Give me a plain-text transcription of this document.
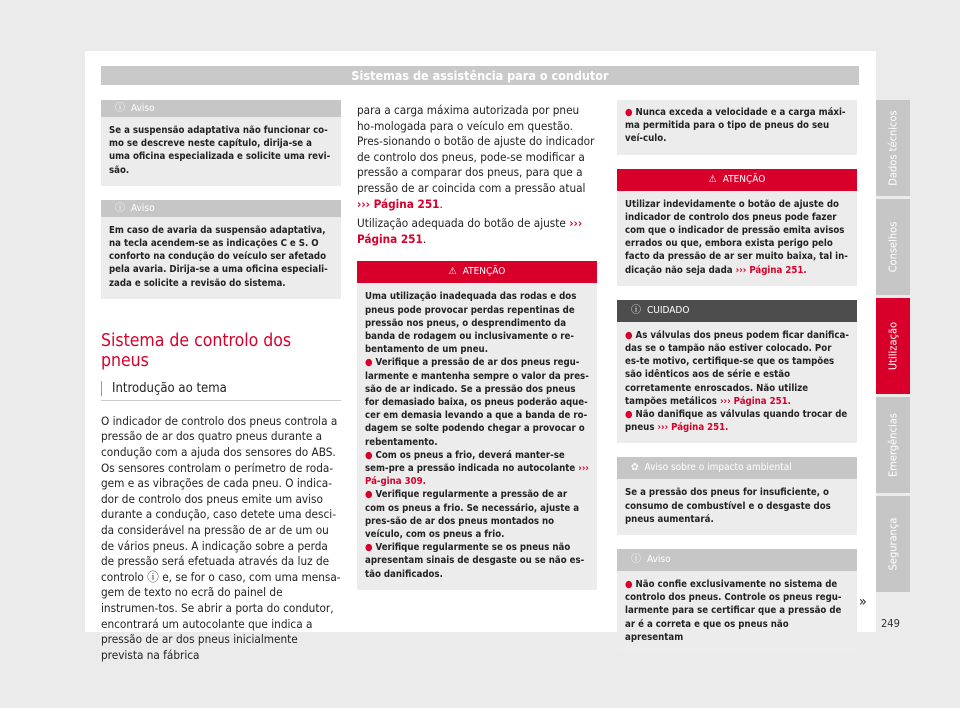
Sistemas de assistência para o condutor
ⓘ Aviso
Se a suspensão adaptativa não funcionar co-mo se descreve neste capítulo, dirija-se a uma oficina especializada e solicite uma revi-são.
ⓘ Aviso
Em caso de avaria da suspensão adaptativa, na tecla acendem-se as indicações C e S. O conforto na condução do veículo ser afetado pela avaria. Dirija-se a uma oficina especiali-zada e solicite a revisão do sistema.
Sistema de controlo dos pneus
Introdução ao tema
O indicador de controlo dos pneus controla a pressão de ar dos quatro pneus durante a condução com a ajuda dos sensores do ABS. Os sensores controlam o perímetro de roda-gem e as vibrações de cada pneu. O indica-dor de controlo dos pneus emite um aviso durante a condução, caso detete uma desci-da considerável na pressão de ar de um ou de vários pneus. A indicação sobre a perda de pressão será efetuada através da luz de controlo ⓘ e, se for o caso, com uma mensa-gem de texto no ecrã do painel de instrumen-tos. Se abrir a porta do condutor, encontrará um autocolante que indica a pressão de ar dos pneus inicialmente prevista na fábrica
para a carga máxima autorizada por pneu ho-mologada para o veículo em questão. Pres-sionando o botão de ajuste do indicador de controlo dos pneus, pode-se modificar a pressão a comparar dos pneus, para que a pressão de ar coincida com a pressão atual ››› Página 251.
Utilização adequada do botão de ajuste ››› Página 251.
⚠ ATENÇÃO
Uma utilização inadequada das rodas e dos pneus pode provocar perdas repentinas de pressão nos pneus, o desprendimento da banda de rodagem ou inclusivamente o re-bentamento de um pneu.
● Verifique a pressão de ar dos pneus regu-larmente e mantenha sempre o valor da pres-são de ar indicado. Se a pressão dos pneus for demasiado baixa, os pneus poderão aque-cer em demasia levando a que a banda de ro-dagem se solte podendo chegar a provocar o rebentamento.
● Com os pneus a frio, deverá manter-se sem-pre a pressão indicada no autocolante ››› Pá-gina 309.
● Verifique regularmente a pressão de ar com os pneus a frio. Se necessário, ajuste a pres-são de ar dos pneus montados no veículo, com os pneus a frio.
● Verifique regularmente se os pneus não apresentam sinais de desgaste ou se não es-tão danificados.
● Nunca exceda a velocidade e a carga máxi-ma permitida para o tipo de pneus do seu veí-culo.
⚠ ATENÇÃO
Utilizar indevidamente o botão de ajuste do indicador de controlo dos pneus pode fazer com que o indicador de pressão emita avisos errados ou que, embora exista perigo pelo facto da pressão de ar ser muito baixa, tal in-dicação não seja dada ››› Página 251.
ⓘ CUIDADO
● As válvulas dos pneus podem ficar danifica-das se o tampão não estiver colocado. Por es-te motivo, certifique-se que os tampões são idênticos aos de série e estão corretamente enroscados. Não utilize tampões metálicos ››› Página 251.
● Não danifique as válvulas quando trocar de pneus ››› Página 251.
✿ Aviso sobre o impacto ambiental
Se a pressão dos pneus for insuficiente, o consumo de combustível e o desgaste dos pneus aumentará.
ⓘ Aviso
● Não confie exclusivamente no sistema de controlo dos pneus. Controle os pneus regu-larmente para se certificar que a pressão de ar é a correta e que os pneus não apresentam
»
Dados técnicos
Conselhos
Utilização
Emergências
Segurança
249
